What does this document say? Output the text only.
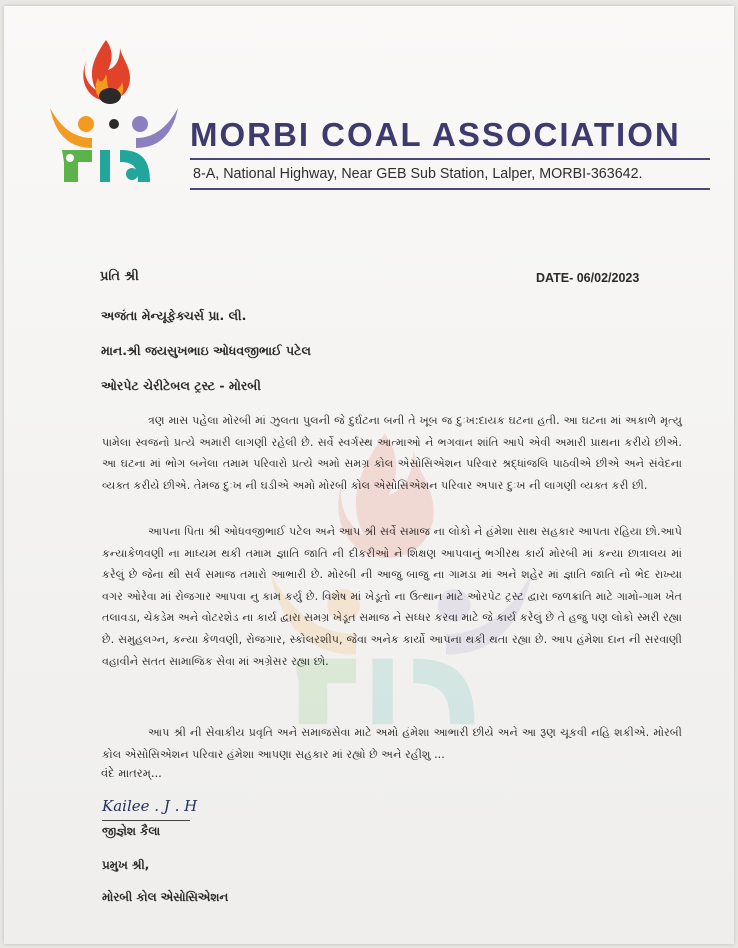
MORBI COAL ASSOCIATION
8-A, National Highway, Near GEB Sub Station, Lalper, MORBI-363642.
પ્રતિ શ્રી	DATE- 06/02/2023
અજંતા મેન્યૂફેક્ચર્સ પ્રા. લી.
માન.શ્રી જયસુખભાઇ ઓધવજીભાઈ પટેલ
ઓરપેટ ચેરીટેબલ ટ્રસ્ટ - મોરબી

ત્રણ માસ પહેલા મોરબી માં ઝુલતા પુલની જે દુર્ઘટના બની તે ખૂબ જ દુઃખ:દાયક ઘટના હતી. આ ઘટના માં અકાળે મૃત્યુ પામેલા સ્વજનો પ્રત્યે અમારી લાગણી રહેલી છે. સર્વે સ્વર્ગસ્થ આત્માઓ ને ભગવાન શાંતિ આપે એવી અમારી પ્રાથના કરીયે છીએ. આ ઘટના માં ભોગ બનેલા તમામ પરિવારો પ્રત્યે અમો સમગ્ર કોલ એસોસિએશન પરિવાર શ્રદ્ધાંજલિ પાઠવીએ છીએ અને સંવેદના વ્યક્ત કરીયે છીએ. તેમજ દુઃખ ની ઘડીએ અમો મોરબી કોલ એસોસિએશન પરિવાર અપાર દુઃખ ની લાગણી વ્યક્ત કરી છી.

આપના પિતા શ્રી ઓધવજીભાઈ પટેલ અને આપ શ્રી સર્વે સમાજ ના લોકો ને હંમેશા સાથ સહકાર આપતા રહિયા છો.આપે કન્યાકેળવણી ના માધ્યમ થકી તમામ જ્ઞાતિ જાતિ ની દીકરીઓ ને શિક્ષણ આપવાનું ભગીરથ કાર્ય મોરબી માં કન્યા છાત્રાલય માં કરેલું છે જેના થી સર્વ સમાજ તમારો આભારી છે. મોરબી ની આજુ બાજુ ના ગામડા માં અને શહેર માં જ્ઞાતિ જાતિ નો ભેદ રાખ્યા વગર ઓરેવા માં રોજગાર આપવા નુ કામ કર્યુ છે. વિશેષ માં ખેડૂતો ના ઉત્થાન માટે ઓરપેટ ટ્રસ્ટ દ્વારા જળક્રાંતિ માટે ગામો-ગામ ખેત તલાવડા, ચેકડેમ અને વોટરશેડ ના કાર્ય દ્વારા સમગ્ર ખેડૂત સમાજ ને સધ્ધર કરવા માટે જે કાર્ય કરેલું છે તે હજુ પણ લોકો સ્મરી રહ્યા છે. સમુહલગ્ન, કન્યા કેળવણી, રોજગાર, સ્કોલરશીપ, જેવા અનેક કાર્યો આપના થકી થતા રહ્યા છે. આપ હંમેશા દાન ની સરવાણી વહાવીને સતત સામાજિક સેવા માં અગ્રેસર રહ્યા છો.

આપ શ્રી ની સેવાકીય પ્રવૃતિ અને સમાજસેવા માટે અમો હંમેશા આભારી છીયે અને આ રૂણ ચૂકવી નહિ શકીએ. મોરબી કોલ એસોસિએશન પરિવાર હંમેશા આપણા સહકાર માં રહ્યો છે અને રહીશુ ...

વંદે માતરમ્...
Kailee . J . H
જીજ્ઞેશ કૈલા
પ્રમુખ શ્રી,
મોરબી કોલ એસોસિએશન
